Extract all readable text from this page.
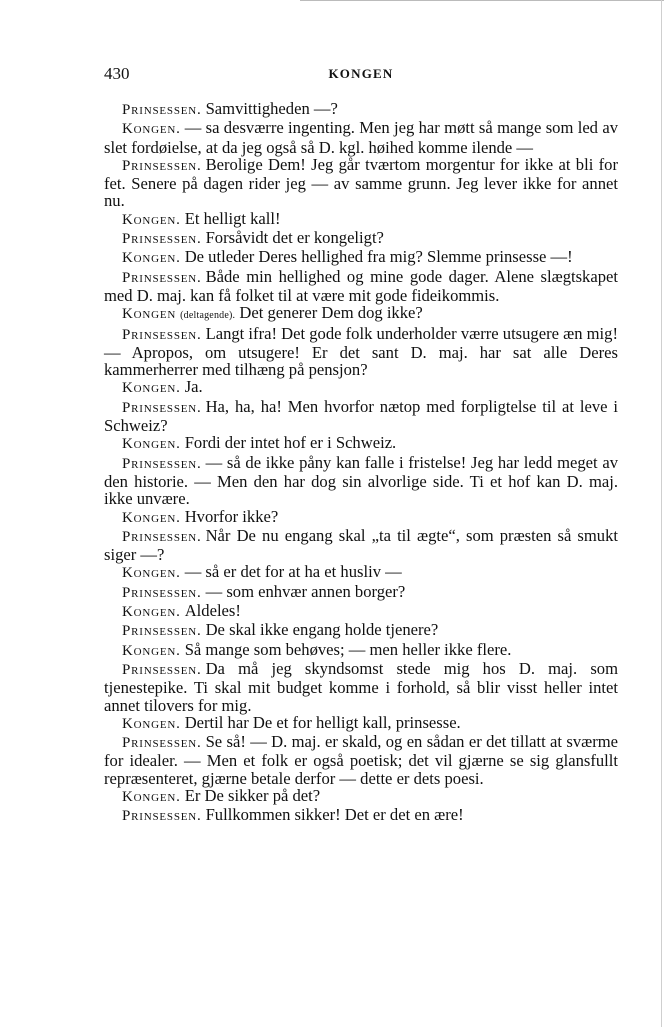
430	KONGEN

Prinsessen. Samvittigheden —?

Kongen. — sa desværre ingenting. Men jeg har møtt så mange som led av slet fordøielse, at da jeg også så D. kgl. høihed komme ilende —

Prinsessen. Berolige Dem! Jeg går tværtom morgentur for ikke at bli for fet. Senere på dagen rider jeg — av samme grunn. Jeg lever ikke for annet nu.

Kongen. Et helligt kall!

Prinsessen. Forsåvidt det er kongeligt?

Kongen. De utleder Deres hellighed fra mig? Slemme prinsesse —!

Prinsessen. Både min hellighed og mine gode dager. Alene slægtskapet med D. maj. kan få folket til at være mit gode fideikommis.

Kongen (deltagende). Det generer Dem dog ikke?

Prinsessen. Langt ifra! Det gode folk underholder værre utsugere æn mig! — Apropos, om utsugere! Er det sant D. maj. har sat alle Deres kammerherrer med tilhæng på pensjon?

Kongen. Ja.

Prinsessen. Ha, ha, ha! Men hvorfor nætop med forpligtelse til at leve i Schweiz?

Kongen. Fordi der intet hof er i Schweiz.

Prinsessen. — så de ikke påny kan falle i fristelse! Jeg har ledd meget av den historie. — Men den har dog sin alvorlige side. Ti et hof kan D. maj. ikke unvære.

Kongen. Hvorfor ikke?

Prinsessen. Når De nu engang skal „ta til ægte“, som præsten så smukt siger —?

Kongen. — så er det for at ha et husliv —

Prinsessen. — som enhvær annen borger?

Kongen. Aldeles!

Prinsessen. De skal ikke engang holde tjenere?

Kongen. Så mange som behøves; — men heller ikke flere.

Prinsessen. Da må jeg skyndsomst stede mig hos D. maj. som tjenestepike. Ti skal mit budget komme i forhold, så blir visst heller intet annet tilovers for mig.

Kongen. Dertil har De et for helligt kall, prinsesse.

Prinsessen. Se så! — D. maj. er skald, og en sådan er det tillatt at sværme for idealer. — Men et folk er også poetisk; det vil gjærne se sig glansfullt repræsenteret, gjærne betale derfor — dette er dets poesi.

Kongen. Er De sikker på det?

Prinsessen. Fullkommen sikker! Det er det en ære!
